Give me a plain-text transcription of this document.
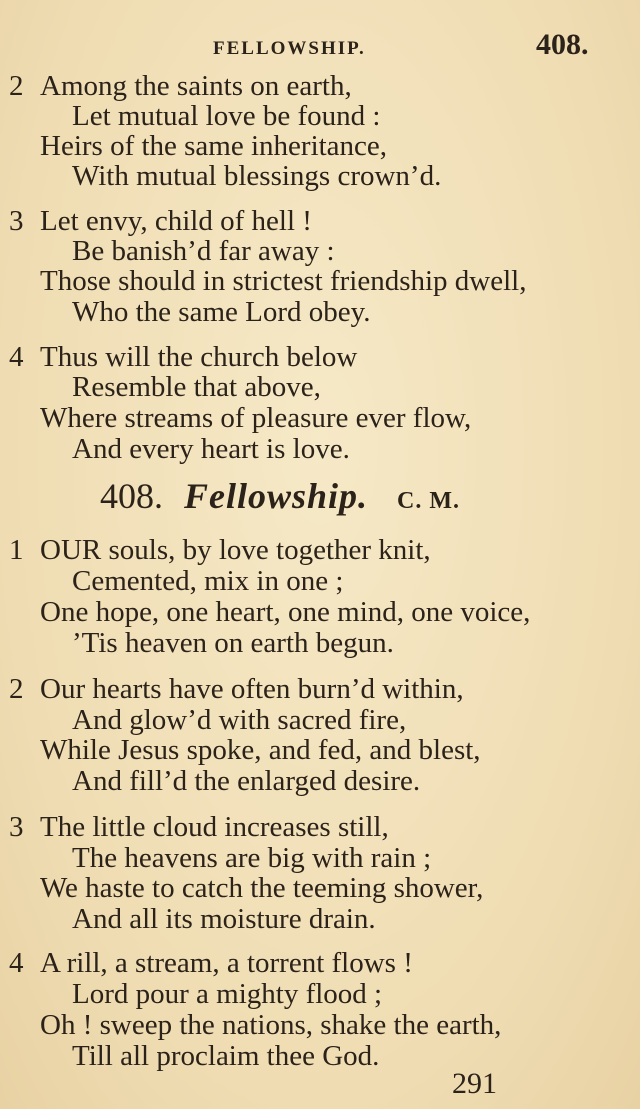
FELLOWSHIP.	408.
2 Among the saints on earth,
Let mutual love be found :
Heirs of the same inheritance,
With mutual blessings crown’d.
3 Let envy, child of hell !
Be banish’d far away :
Those should in strictest friendship dwell,
Who the same Lord obey.
4 Thus will the church below
Resemble that above,
Where streams of pleasure ever flow,
And every heart is love.
408. Fellowship. C. M.
1 OUR souls, by love together knit,
Cemented, mix in one ;
One hope, one heart, one mind, one voice,
’Tis heaven on earth begun.
2 Our hearts have often burn’d within,
And glow’d with sacred fire,
While Jesus spoke, and fed, and blest,
And fill’d the enlarged desire.
3 The little cloud increases still,
The heavens are big with rain ;
We haste to catch the teeming shower,
And all its moisture drain.
4 A rill, a stream, a torrent flows !
Lord pour a mighty flood ;
Oh ! sweep the nations, shake the earth,
Till all proclaim thee God.
291
